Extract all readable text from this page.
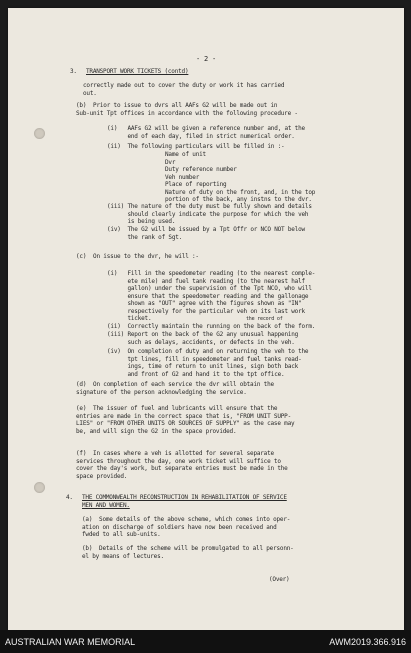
- 2 -
3. TRANSPORT WORK TICKETS (contd)
correctly made out to cover the duty or work it has carried
out.
(b)  Prior to issue to dvrs all AAFs G2 will be made out in
Sub-unit Tpt offices in accordance with the following procedure -
(i)   AAFs G2 will be given a reference number and, at the
end of each day, filed in strict numerical order.
(ii)  The following particulars will be filled in :-
Name of unit
Dvr
Duty reference number
Veh number
Place of reporting
Nature of duty on the front, and, in the top
portion of the back, any instns to the dvr.
(iii) The nature of the duty must be fully shown and details
should clearly indicate the purpose for which the veh
is being used.
(iv)  The G2 will be issued by a Tpt Offr or NCO NOT below
the rank of Sgt.
(c)  On issue to the dvr, he will :-
(i)   Fill in the speedometer reading (to the nearest comple-
ete mile) and fuel tank reading (to the nearest half
gallon) under the supervision of the Tpt NCO, who will
ensure that the speedometer reading and the gallonage
shown as "OUT" agree with the figures shown as "IN"
respectively for the particular veh on its last work
ticket.	the record of
(ii)  Correctly maintain the running on the back of the form.
(iii) Report on the back of the G2 any unusual happening
such as delays, accidents, or defects in the veh.
(iv)  On completion of duty and on returning the veh to the
tpt lines, fill in speedometer and fuel tanks read-
ings, time of return to unit lines, sign both back
and front of G2 and hand it to the tpt office.
(d)  On completion of each service the dvr will obtain the
signature of the person acknowledging the service.
(e)  The issuer of fuel and lubricants will ensure that the
entries are made in the correct space that is, "FROM UNIT SUPP-
LIES" or "FROM OTHER UNITS OR SOURCES OF SUPPLY" as the case may
be, and will sign the G2 in the space provided.
(f)  In cases where a veh is allotted for several separate
services throughout the day, one work ticket will suffice to
cover the day's work, but separate entries must be made in the
space provided.
4. THE COMMONWEALTH RECONSTRUCTION IN REHABILITATION OF SERVICE
MEN AND WOMEN.
(a)  Some details of the above scheme, which comes into oper-
ation on discharge of soldiers have now been received and
fwded to all sub-units.
(b)  Details of the scheme will be promulgated to all personn-
el by means of lectures.
(Over)
AUSTRALIAN WAR MEMORIAL	AWM2019.366.916
